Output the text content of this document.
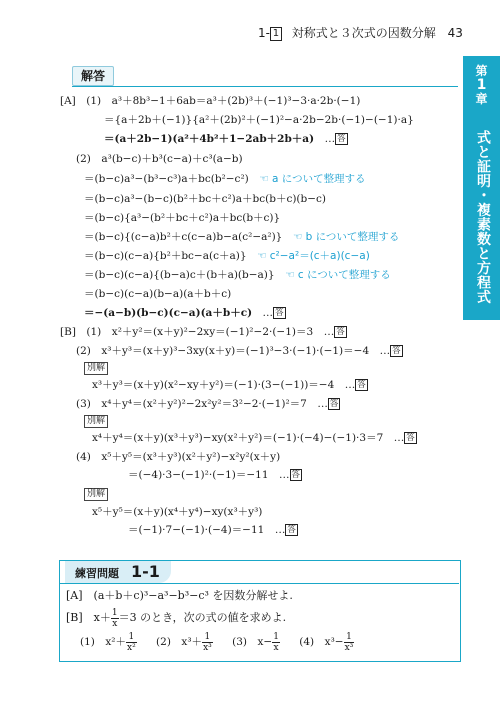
1- 1 対称式と３次式の因数分解 43
第
1
章
式と証明・複素数と方程式
解答
[A]　(1)　a³＋8b³−1＋6ab＝a³＋(2b)³＋(−1)³−3·a·2b·(−1)
＝{a＋2b＋(−1)}{a²＋(2b)²＋(−1)²−a·2b−2b·(−1)−(−1)·a}
＝(a＋2b−1)(a²＋4b²＋1−2ab＋2b＋a)　… 答
(2)　a³(b−c)＋b³(c−a)＋c³(a−b)
＝(b−c)a³−(b³−c³)a＋bc(b²−c²)　 ☜ a について整理する
＝(b−c)a³−(b−c)(b²＋bc＋c²)a＋bc(b＋c)(b−c)
＝(b−c){a³−(b²＋bc＋c²)a＋bc(b＋c)}
＝(b−c){(c−a)b²＋c(c−a)b−a(c²−a²)}　 ☜ b について整理する
＝(b−c)(c−a){b²＋bc−a(c＋a)}　 ☜ c²−a²＝(c＋a)(c−a)
＝(b−c)(c−a){(b−a)c＋(b＋a)(b−a)}　 ☜ c について整理する
＝(b−c)(c−a)(b−a)(a＋b＋c)
＝−(a−b)(b−c)(c−a)(a＋b＋c)　… 答
[B]　(1)　x²＋y²＝(x＋y)²−2xy＝(−1)²−2·(−1)＝3　… 答
(2)　x³＋y³＝(x＋y)³−3xy(x＋y)＝(−1)³−3·(−1)·(−1)＝−4　… 答
別解
x³＋y³＝(x＋y)(x²−xy＋y²)＝(−1)·(3−(−1))＝−4　… 答
(3)　x⁴＋y⁴＝(x²＋y²)²−2x²y²＝3²−2·(−1)²＝7　… 答
別解
x⁴＋y⁴＝(x＋y)(x³＋y³)−xy(x²＋y²)＝(−1)·(−4)−(−1)·3＝7　… 答
(4)　x⁵＋y⁵＝(x³＋y³)(x²＋y²)−x²y²(x＋y)
＝(−4)·3−(−1)²·(−1)＝−11　… 答
別解
x⁵＋y⁵＝(x＋y)(x⁴＋y⁴)−xy(x³＋y³)
＝(−1)·7−(−1)·(−4)＝−11　… 答
練習問題 1-1
[A]　(a＋b＋c)³−a³−b³−c³ を因数分解せよ.
[B]　$x+ \frac{1}{x} =3$ のとき，次の式の値を求めよ.
(1)　 $x^2+ \frac{1}{\text{x²}} (2)$　 $x^3+ \frac{1}{\text{x³}} (3)$　 $x- \frac{1}{x} (4)$　 $x^3- \frac{1}{\text{x³}}$
